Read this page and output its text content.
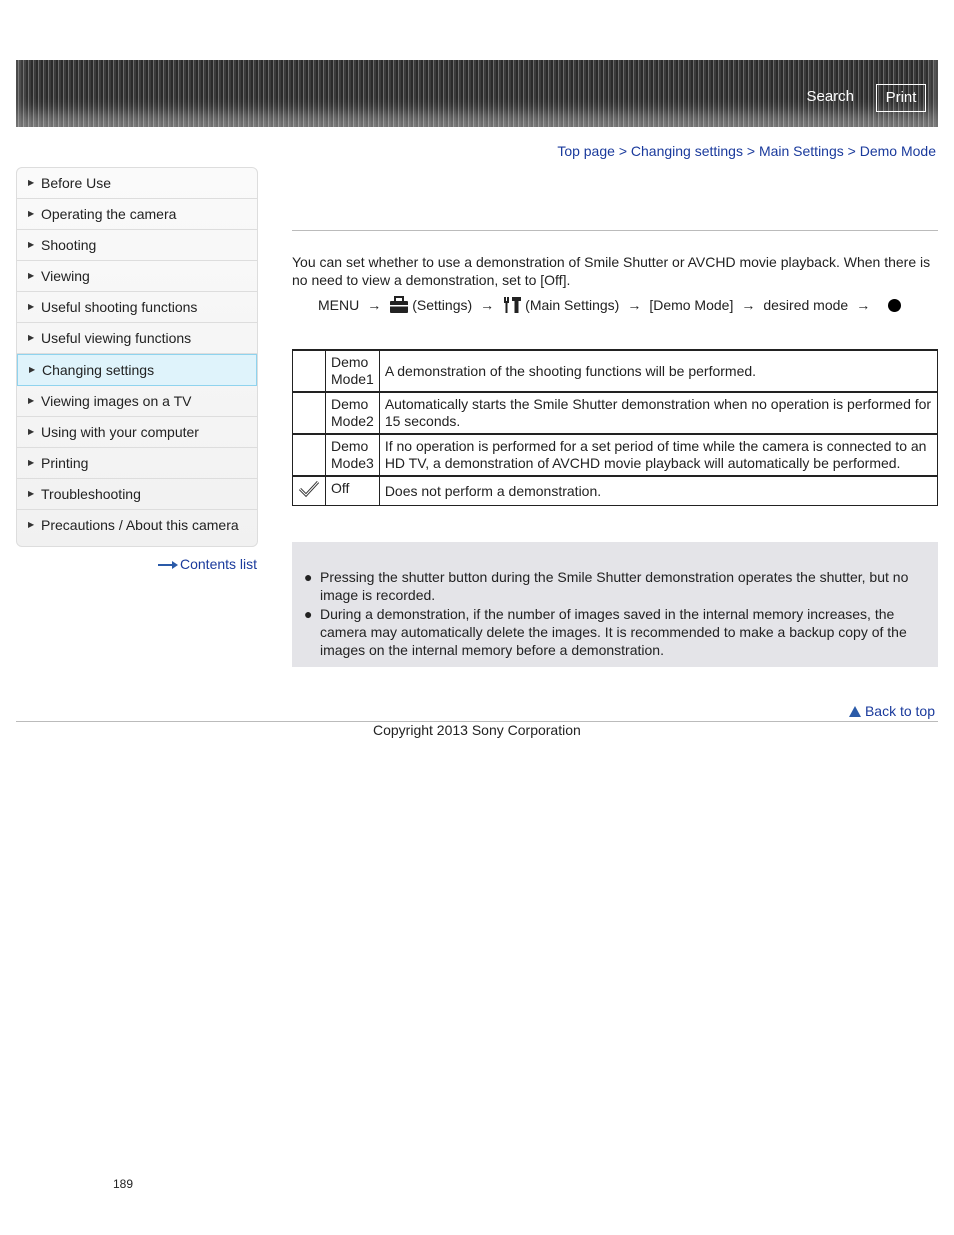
Search	Print
Top page > Changing settings > Main Settings > Demo Mode
▶ Before Use
▶ Operating the camera
▶ Shooting
▶ Viewing
▶ Useful shooting functions
▶ Useful viewing functions
▶ Changing settings
▶ Viewing images on a TV
▶ Using with your computer
▶ Printing
▶ Troubleshooting
▶ Precautions / About this camera
Contents list
You can set whether to use a demonstration of Smile Shutter or AVCHD movie playback. When there is no need to view a demonstration, set to [Off].
MENU → (Settings) → (Main Settings) → [Demo Mode] → desired mode →
	Demo Mode1	A demonstration of the shooting functions will be performed.
	Demo Mode2	Automatically starts the Smile Shutter demonstration when no operation is performed for 15 seconds.
	Demo Mode3	If no operation is performed for a set period of time while the camera is connected to an HD TV, a demonstration of AVCHD movie playback will automatically be performed.
	Off	Does not perform a demonstration.
● Pressing the shutter button during the Smile Shutter demonstration operates the shutter, but no image is recorded.
● During a demonstration, if the number of images saved in the internal memory increases, the camera may automatically delete the images. It is recommended to make a backup copy of the images on the internal memory before a demonstration.
Back to top
Copyright 2013 Sony Corporation
189
